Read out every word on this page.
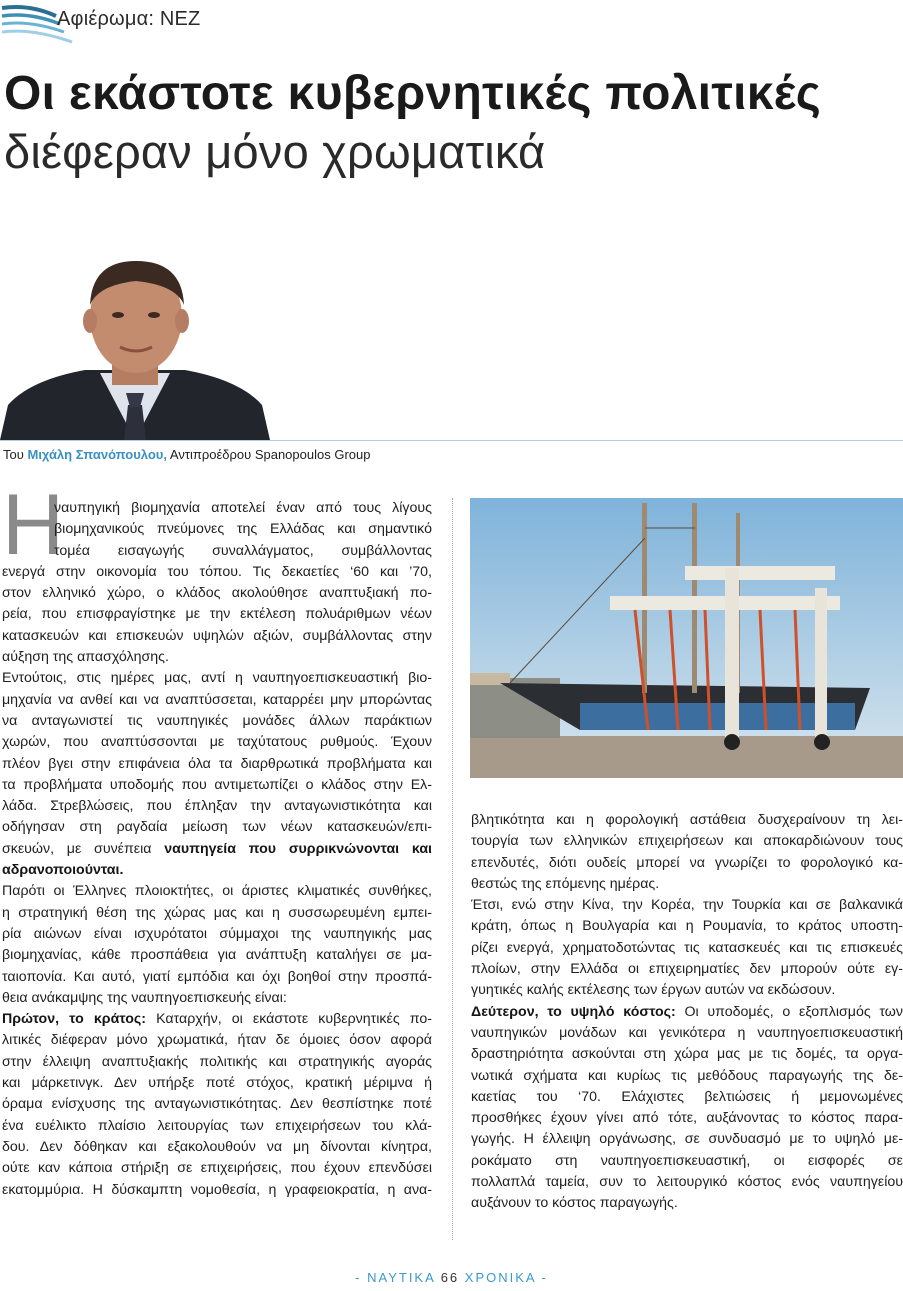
Αφιέρωμα: ΝΕΖ
Οι εκάστοτε κυβερνητικές πολιτικές
διέφεραν μόνο χρωματικά
Του Μιχάλη Σπανόπουλου, Αντιπροέδρου Spanopoulos Group
Η
ναυπηγική βιομηχανία αποτελεί έναν από τους λίγους
βιομηχανικούς πνεύμονες της Ελλάδας και σημαντικό
τομέα εισαγωγής συναλλάγματος, συμβάλλοντας
ενεργά στην οικονομία του τόπου. Τις δεκαετίες ‘60 και ’70,
στον ελληνικό χώρο, ο κλάδος ακολούθησε αναπτυξιακή πο-
ρεία, που επισφραγίστηκε με την εκτέλεση πολυάριθμων νέων
κατασκευών και επισκευών υψηλών αξιών, συμβάλλοντας στην
αύξηση της απασχόλησης.
Εντούτοις, στις ημέρες μας, αντί η ναυπηγοεπισκευαστική βιο-
μηχανία να ανθεί και να αναπτύσσεται, καταρρέει μην μπορώντας
να ανταγωνιστεί τις ναυπηγικές μονάδες άλλων παράκτιων
χωρών, που αναπτύσσονται με ταχύτατους ρυθμούς. Έχουν
πλέον βγει στην επιφάνεια όλα τα διαρθρωτικά προβλήματα και
τα προβλήματα υποδομής που αντιμετωπίζει ο κλάδος στην Ελ-
λάδα. Στρεβλώσεις, που έπληξαν την ανταγωνιστικότητα και
οδήγησαν στη ραγδαία μείωση των νέων κατασκευών/επι-
σκευών, με συνέπεια ναυπηγεία που συρρικνώνονται και
αδρανοποιούνται.
Παρότι οι Έλληνες πλοιοκτήτες, οι άριστες κλιματικές συνθήκες,
η στρατηγική θέση της χώρας μας και η συσσωρευμένη εμπει-
ρία αιώνων είναι ισχυρότατοι σύμμαχοι της ναυπηγικής μας
βιομηχανίας, κάθε προσπάθεια για ανάπτυξη καταλήγει σε μα-
ταιοπονία. Και αυτό, γιατί εμπόδια και όχι βοηθοί στην προσπά-
θεια ανάκαμψης της ναυπηγοεπισκευής είναι:
Πρώτον, το κράτος: Καταρχήν, οι εκάστοτε κυβερνητικές πο-
λιτικές διέφεραν μόνο χρωματικά, ήταν δε όμοιες όσον αφορά
στην έλλειψη αναπτυξιακής πολιτικής και στρατηγικής αγοράς
και μάρκετινγκ. Δεν υπήρξε ποτέ στόχος, κρατική μέριμνα ή
όραμα ενίσχυσης της ανταγωνιστικότητας. Δεν θεσπίστηκε ποτέ
ένα ευέλικτο πλαίσιο λειτουργίας των επιχειρήσεων του κλά-
δου. Δεν δόθηκαν και εξακολουθούν να μη δίνονται κίνητρα,
ούτε καν κάποια στήριξη σε επιχειρήσεις, που έχουν επενδύσει
εκατομμύρια. Η δύσκαμπτη νομοθεσία, η γραφειοκρατία, η ανα-
βλητικότητα και η φορολογική αστάθεια δυσχεραίνουν τη λει-
τουργία των ελληνικών επιχειρήσεων και αποκαρδιώνουν τους
επενδυτές, διότι ουδείς μπορεί να γνωρίζει το φορολογικό κα-
θεστώς της επόμενης ημέρας.
Έτσι, ενώ στην Κίνα, την Κορέα, την Τουρκία και σε βαλκανικά
κράτη, όπως η Βουλγαρία και η Ρουμανία, το κράτος υποστη-
ρίζει ενεργά, χρηματοδοτώντας τις κατασκευές και τις επισκευές
πλοίων, στην Ελλάδα οι επιχειρηματίες δεν μπορούν ούτε εγ-
γυητικές καλής εκτέλεσης των έργων αυτών να εκδώσουν.
Δεύτερον, το υψηλό κόστος: Οι υποδομές, ο εξοπλισμός των
ναυπηγικών μονάδων και γενικότερα η ναυπηγοεπισκευαστική
δραστηριότητα ασκούνται στη χώρα μας με τις δομές, τα οργα-
νωτικά σχήματα και κυρίως τις μεθόδους παραγωγής της δε-
καετίας του ‘70. Ελάχιστες βελτιώσεις ή μεμονωμένες
προσθήκες έχουν γίνει από τότε, αυξάνοντας το κόστος παρα-
γωγής. Η έλλειψη οργάνωσης, σε συνδυασμό με το υψηλό με-
ροκάματο στη ναυπηγοεπισκευαστική, οι εισφορές σε
πολλαπλά ταμεία, συν το λειτουργικό κόστος ενός ναυπηγείου
αυξάνουν το κόστος παραγωγής.
- ΝΑΥΤΙΚΑ 66 ΧΡΟΝΙΚΑ -
